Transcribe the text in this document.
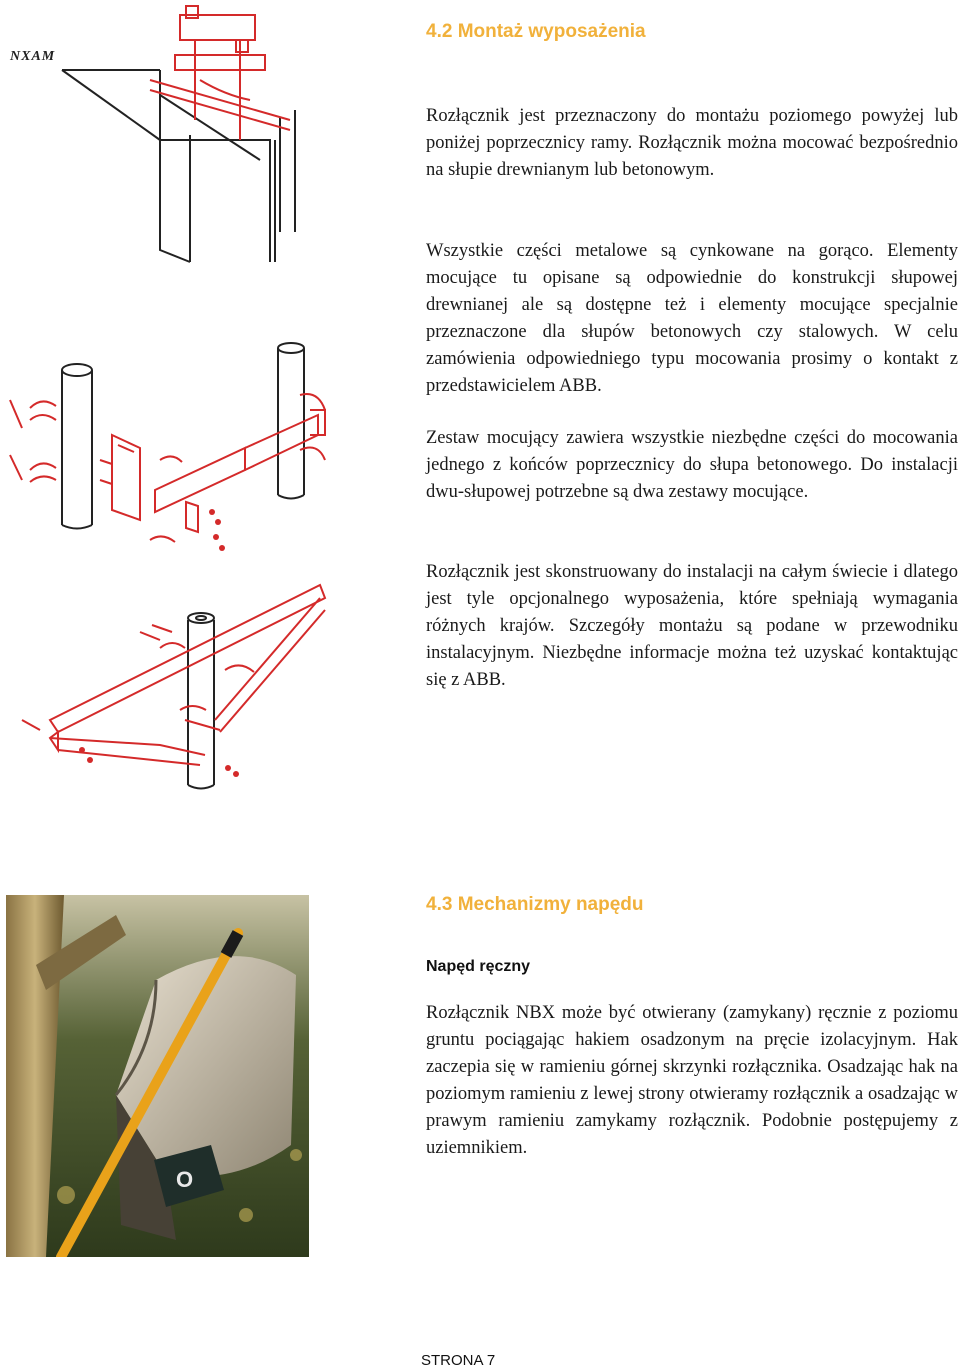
NXAM
O
4.2 Montaż wyposażenia

Rozłącznik jest przeznaczony do montażu poziomego powyżej lub poniżej poprzecznicy ramy. Rozłącznik można mocować bezpośrednio na słupie drewnianym lub betonowym.

Wszystkie części metalowe są cynkowane na gorąco. Elementy mocujące tu opisane są odpowiednie do konstrukcji słupowej drewnianej ale są dostępne też i elementy mocujące specjalnie przeznaczone dla słupów betonowych czy stalowych. W celu zamówienia odpowiedniego typu mocowania prosimy o kontakt z przedstawicielem ABB.

Zestaw mocujący zawiera wszystkie niezbędne części do mocowania jednego z końców poprzecznicy do słupa betonowego. Do instalacji dwu-słupowej potrzebne są dwa zestawy mocujące.

Rozłącznik jest skonstruowany do instalacji na całym świecie i dlatego jest tyle opcjonalnego wyposażenia, które spełniają wymagania różnych krajów. Szczegóły montażu są podane w przewodniku instalacyjnym. Niezbędne informacje można też uzyskać kontaktując się z ABB.

4.3 Mechanizmy napędu
Napęd ręczny

Rozłącznik NBX może być otwierany (zamykany) ręcznie z poziomu gruntu pociągając hakiem osadzonym na pręcie izolacyjnym. Hak zaczepia się w ramieniu górnej skrzynki rozłącznika. Osadzając hak na poziomym ramieniu z lewej strony otwieramy rozłącznik a osadzając w prawym ramieniu zamykamy rozłącznik. Podobnie postępujemy z uziemnikiem.

STRONA 7
